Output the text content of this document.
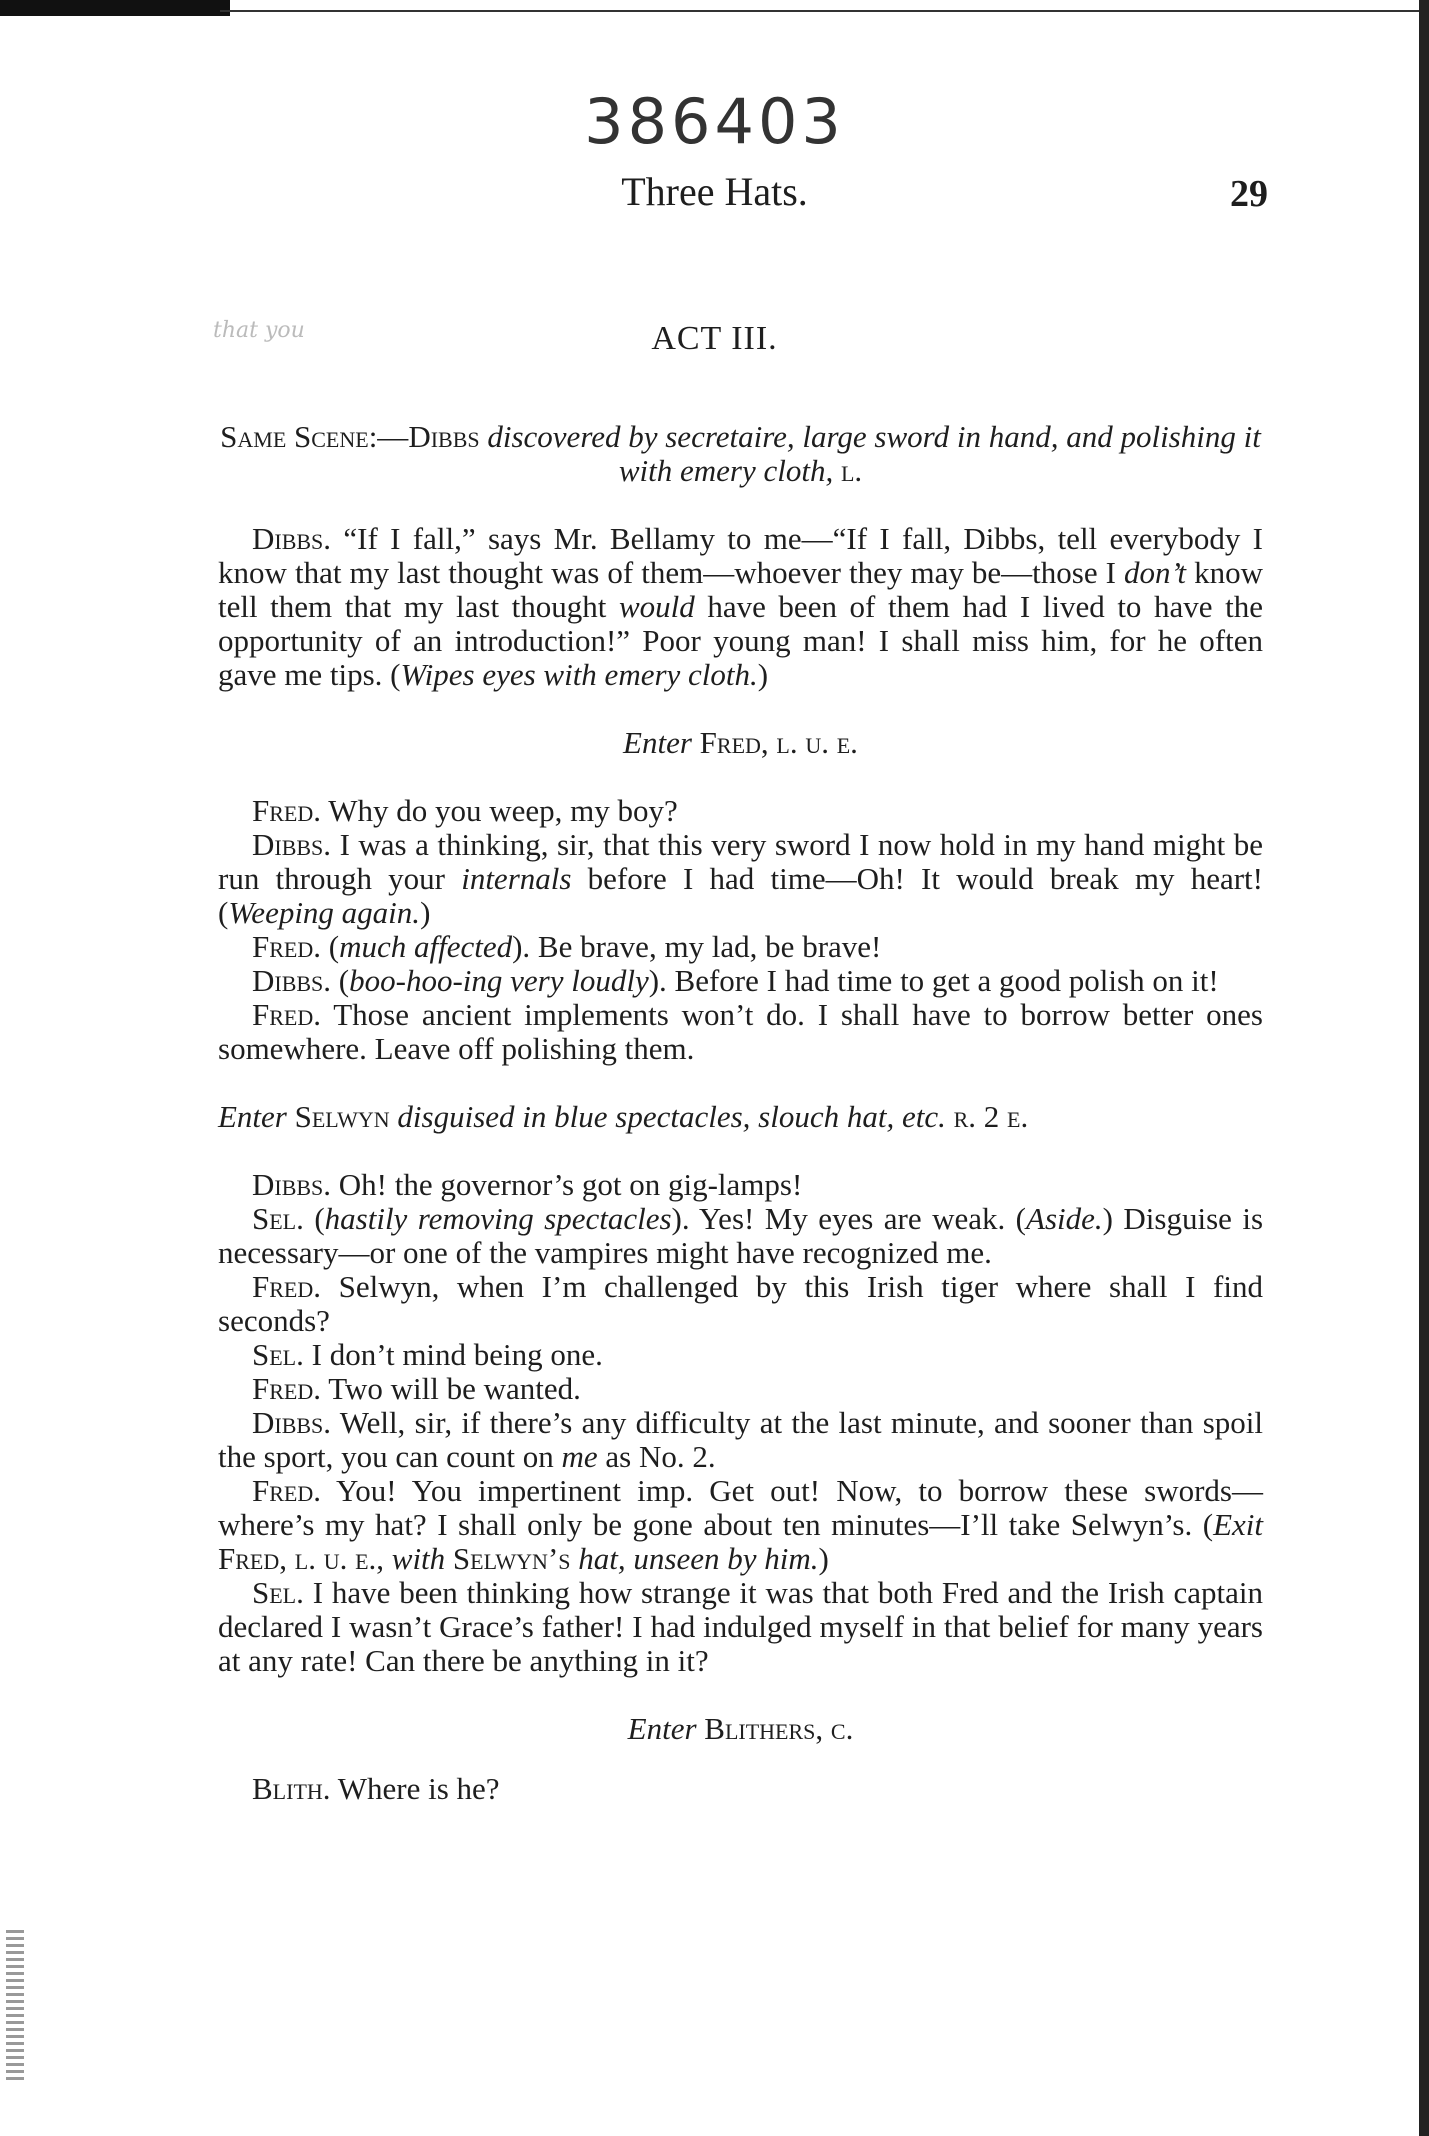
386403
Three Hats.	29
that you	ACT III.

Same Scene:—Dibbs discovered by secretaire, large sword in hand, and polishing it with emery cloth, l.

Dibbs. “If I fall,” says Mr. Bellamy to me—“If I fall, Dibbs, tell everybody I know that my last thought was of them—whoever they may be—those I don’t know tell them that my last thought would have been of them had I lived to have the opportunity of an introduction!” Poor young man! I shall miss him, for he often gave me tips. (Wipes eyes with emery cloth.)

Enter Fred, l. u. e.

Fred. Why do you weep, my boy?

Dibbs. I was a thinking, sir, that this very sword I now hold in my hand might be run through your internals before I had time—Oh! It would break my heart! (Weeping again.)

Fred. (much affected). Be brave, my lad, be brave!

Dibbs. (boo-hoo-ing very loudly). Before I had time to get a good polish on it!

Fred. Those ancient implements won’t do. I shall have to borrow better ones somewhere. Leave off polishing them.

Enter Selwyn disguised in blue spectacles, slouch hat, etc. r. 2 e.

Dibbs. Oh! the governor’s got on gig-lamps!

Sel. (hastily removing spectacles). Yes! My eyes are weak. (Aside.) Disguise is necessary—or one of the vampires might have recognized me.

Fred. Selwyn, when I’m challenged by this Irish tiger where shall I find seconds?

Sel. I don’t mind being one.

Fred. Two will be wanted.

Dibbs. Well, sir, if there’s any difficulty at the last minute, and sooner than spoil the sport, you can count on me as No. 2.

Fred. You! You impertinent imp. Get out! Now, to borrow these swords—where’s my hat? I shall only be gone about ten minutes—I’ll take Selwyn’s. (Exit Fred, l. u. e., with Selwyn’s hat, unseen by him.)

Sel. I have been thinking how strange it was that both Fred and the Irish captain declared I wasn’t Grace’s father! I had indulged myself in that belief for many years at any rate! Can there be anything in it?

Enter Blithers, c.

Blith. Where is he?
